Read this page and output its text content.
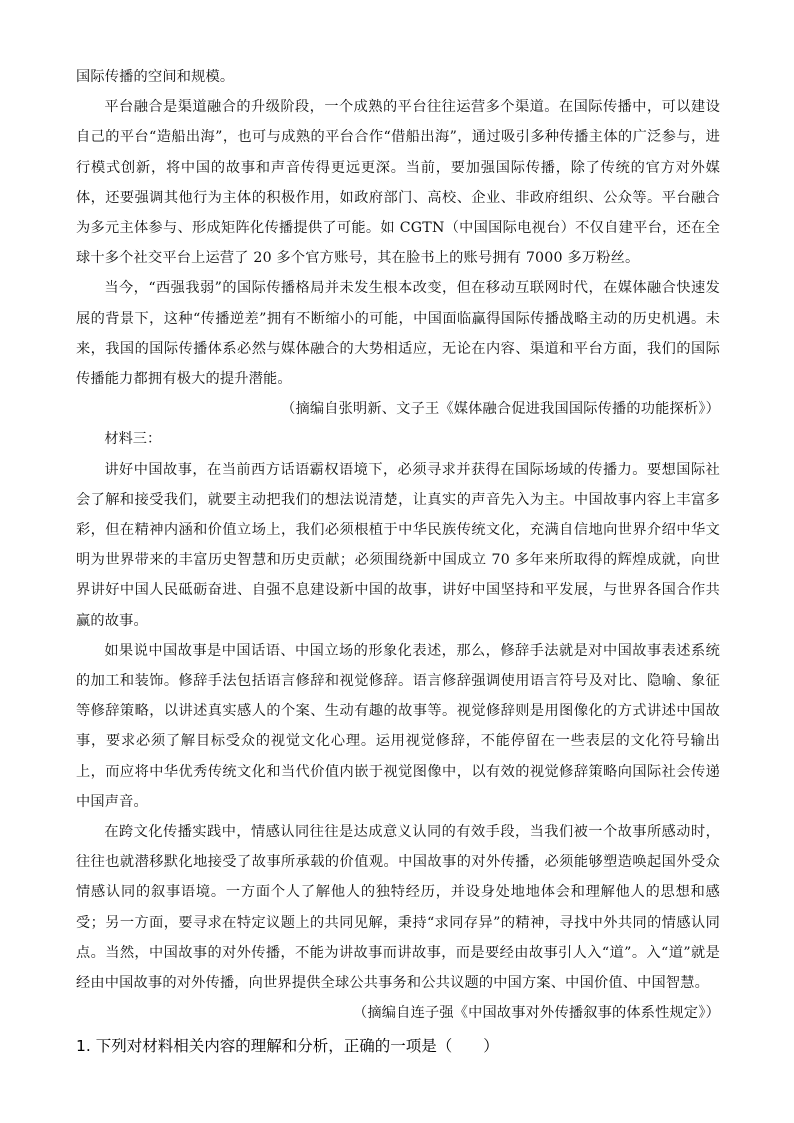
国际传播的空间和规模。

平台融合是渠道融合的升级阶段，一个成熟的平台往往运营多个渠道。在国际传播中，可以建设自己的平台“造船出海”，也可与成熟的平台合作“借船出海”，通过吸引多种传播主体的广泛参与，进行模式创新，将中国的故事和声音传得更远更深。当前，要加强国际传播，除了传统的官方对外媒体，还要强调其他行为主体的积极作用，如政府部门、高校、企业、非政府组织、公众等。平台融合为多元主体参与、形成矩阵化传播提供了可能。如 CGTN（中国国际电视台）不仅自建平台，还在全球十多个社交平台上运营了 20 多个官方账号，其在脸书上的账号拥有 7000 多万粉丝。

当今，“西强我弱”的国际传播格局并未发生根本改变，但在移动互联网时代，在媒体融合快速发展的背景下，这种“传播逆差”拥有不断缩小的可能，中国面临赢得国际传播战略主动的历史机遇。未来，我国的国际传播体系必然与媒体融合的大势相适应，无论在内容、渠道和平台方面，我们的国际传播能力都拥有极大的提升潜能。

（摘编自张明新、文子王《媒体融合促进我国国际传播的功能探析》）

材料三：

讲好中国故事，在当前西方话语霸权语境下，必须寻求并获得在国际场域的传播力。要想国际社会了解和接受我们，就要主动把我们的想法说清楚，让真实的声音先入为主。中国故事内容上丰富多彩，但在精神内涵和价值立场上，我们必须根植于中华民族传统文化，充满自信地向世界介绍中华文明为世界带来的丰富历史智慧和历史贡献；必须围绕新中国成立 70 多年来所取得的辉煌成就，向世界讲好中国人民砥砺奋进、自强不息建设新中国的故事，讲好中国坚持和平发展，与世界各国合作共赢的故事。

如果说中国故事是中国话语、中国立场的形象化表述，那么，修辞手法就是对中国故事表述系统的加工和装饰。修辞手法包括语言修辞和视觉修辞。语言修辞强调使用语言符号及对比、隐喻、象征等修辞策略，以讲述真实感人的个案、生动有趣的故事等。视觉修辞则是用图像化的方式讲述中国故事，要求必须了解目标受众的视觉文化心理。运用视觉修辞，不能停留在一些表层的文化符号输出上，而应将中华优秀传统文化和当代价值内嵌于视觉图像中，以有效的视觉修辞策略向国际社会传递中国声音。

在跨文化传播实践中，情感认同往往是达成意义认同的有效手段，当我们被一个故事所感动时，往往也就潜移默化地接受了故事所承载的价值观。中国故事的对外传播，必须能够塑造唤起国外受众情感认同的叙事语境。一方面个人了解他人的独特经历，并设身处地地体会和理解他人的思想和感受；另一方面，要寻求在特定议题上的共同见解，秉持“求同存异”的精神，寻找中外共同的情感认同点。当然，中国故事的对外传播，不能为讲故事而讲故事，而是要经由故事引人入“道”。入“道”就是经由中国故事的对外传播，向世界提供全球公共事务和公共议题的中国方案、中国价值、中国智慧。

（摘编自连子强《中国故事对外传播叙事的体系性规定》）

1. 下列对材料相关内容的理解和分析，正确的一项是（　　）
